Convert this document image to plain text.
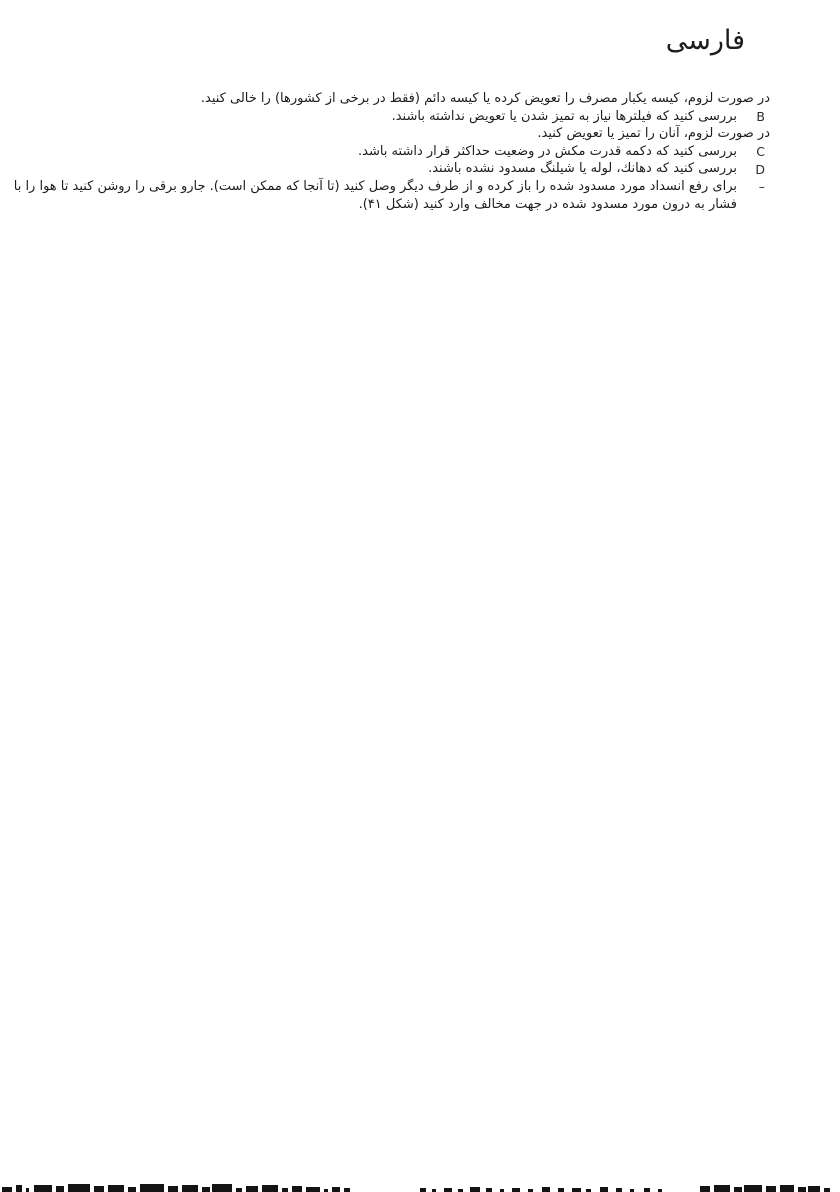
فارسی
در صورت لزوم، کیسه یکبار مصرف را تعویض کرده یا کیسه دائم (فقط در برخی از کشورها) را خالی کنید.
B
بررسی کنید که فیلترها نیاز به تمیز شدن یا تعویض نداشته باشند.
در صورت لزوم، آنان را تمیز یا تعویض کنید.
C
بررسی کنید که دکمه قدرت مکش در وضعیت حداکثر قرار داشته باشد.
D
بررسی کنید که دهانك، لوله یا شیلنگ مسدود نشده باشند.
–
برای رفع انسداد مورد مسدود شده را باز کرده و از طرف دیگر وصل کنید (تا آنجا که ممکن است). جارو برقی را روشن کنید تا هوا را با
فشار به درون مورد مسدود شده در جهت مخالف وارد کنید (شکل ۴۱).
